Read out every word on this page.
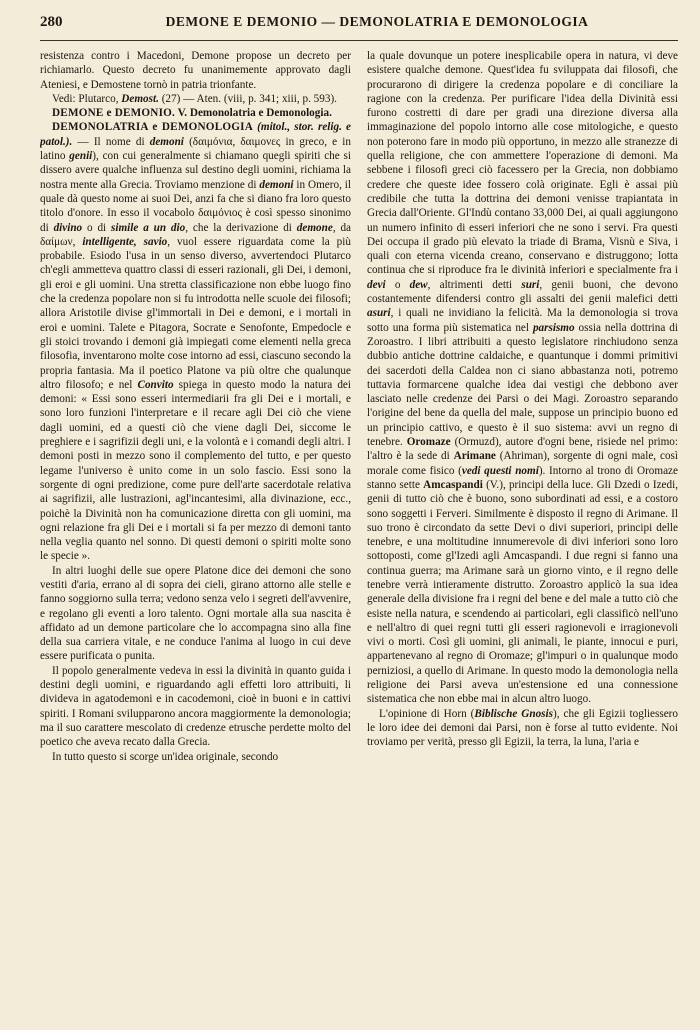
280	DEMONE E DEMONIO — DEMONOLATRIA E DEMONOLOGIA

resistenza contro i Macedoni, Demone propose un decreto per richiamarlo. Questo decreto fu unanimemente approvato dagli Ateniesi, e Demostene tornò in patria trionfante.

Vedi: Plutarco, Demost. (27) — Aten. (viii, p. 341; xiii, p. 593).

DEMONE e DEMONIO. V. Demonolatria e Demonologia.

DEMONOLATRIA e DEMONOLOGIA (mitol., stor. relig. e patol.). — Il nome di demoni (δαιμόνια, δαιμονες in greco, e in latino genii), con cui generalmente si chiamano quegli spiriti che si dissero avere qualche influenza sul destino degli uomini, richiama la nostra mente alla Grecia. Troviamo menzione di demoni in Omero, il quale dà questo nome ai suoi Dei, anzi fa che si diano fra loro questo titolo d'onore. In esso il vocabolo δαιμόνιος è così spesso sinonimo di divino o di simile a un dio, che la derivazione di demone, da δαίμων, intelligente, savio, vuol essere riguardata come la più probabile. Esiodo l'usa in un senso diverso, avvertendoci Plutarco ch'egli ammetteva quattro classi di esseri razionali, gli Dei, i demoni, gli eroi e gli uomini. Una stretta classificazione non ebbe luogo fino che la credenza popolare non si fu introdotta nelle scuole dei filosofi; allora Aristotile divise gl'immortali in Dei e demoni, e i mortali in eroi e uomini. Talete e Pitagora, Socrate e Senofonte, Empedocle e gli stoici trovando i demoni già impiegati come elementi nella greca filosofia, inventarono molte cose intorno ad essi, ciascuno secondo la propria fantasia. Ma il poetico Platone va più oltre che qualunque altro filosofo; e nel Convito spiega in questo modo la natura dei demoni: « Essi sono esseri intermediarii fra gli Dei e i mortali, e sono loro funzioni l'interpretare e il recare agli Dei ciò che viene dagli uomini, ed a questi ciò che viene dagli Dei, siccome le preghiere e i sagrifizii degli uni, e la volontà e i comandi degli altri. I demoni posti in mezzo sono il complemento del tutto, e per questo legame l'universo è unito come in un solo fascio. Essi sono la sorgente di ogni predizione, come pure dell'arte sacerdotale relativa ai sagrifizii, alle lustrazioni, agl'incantesimi, alla divinazione, ecc., poichè la Divinità non ha comunicazione diretta con gli uomini, ma ogni relazione fra gli Dei e i mortali si fa per mezzo di demoni tanto nella veglia quanto nel sonno. Di questi demoni o spiriti molte sono le specie ».

In altri luoghi delle sue opere Platone dice dei demoni che sono vestiti d'aria, errano al di sopra dei cieli, girano attorno alle stelle e fanno soggiorno sulla terra; vedono senza velo i segreti dell'avvenire, e regolano gli eventi a loro talento. Ogni mortale alla sua nascita è affidato ad un demone particolare che lo accompagna sino alla fine della sua carriera vitale, e ne conduce l'anima al luogo in cui deve essere purificata o punita.

Il popolo generalmente vedeva in essi la divinità in quanto guida i destini degli uomini, e riguardando agli effetti loro attribuiti, li divideva in agatodemoni e in cacodemoni, cioè in buoni e in cattivi spiriti. I Romani svilupparono ancora maggiormente la demonologia; ma il suo carattere mescolato di credenze etrusche perdette molto del poetico che aveva recato dalla Grecia.

In tutto questo si scorge un'idea originale, secondo

la quale dovunque un potere inesplicabile opera in natura, vi deve esistere qualche demone. Quest'idea fu sviluppata dai filosofi, che procurarono di dirigere la credenza popolare e di conciliare la ragione con la credenza. Per purificare l'idea della Divinità essi furono costretti di dare per gradi una direzione diversa alla immaginazione del popolo intorno alle cose mitologiche, e questo non poterono fare in modo più opportuno, in mezzo alle stranezze di quella religione, che con ammettere l'operazione di demoni. Ma sebbene i filosofi greci ciò facessero per la Grecia, non dobbiamo credere che queste idee fossero colà originate. Egli è assai più credibile che tutta la dottrina dei demoni venisse trapiantata in Grecia dall'Oriente. Gl'Indù contano 33,000 Dei, ai quali aggiungono un numero infinito di esseri inferiori che ne sono i servi. Fra questi Dei occupa il grado più elevato la triade di Brama, Visnù e Siva, i quali con eterna vicenda creano, conservano e distruggono; lotta continua che si riproduce fra le divinità inferiori e specialmente fra i devi o dew, altrimenti detti suri, genii buoni, che devono costantemente difendersi contro gli assalti dei genii malefici detti asuri, i quali ne invidiano la felicità. Ma la demonologia si trova sotto una forma più sistematica nel parsismo ossia nella dottrina di Zoroastro. I libri attribuiti a questo legislatore rinchiudono senza dubbio antiche dottrine caldaiche, e quantunque i dommi primitivi dei sacerdoti della Caldea non ci siano abbastanza noti, potremo tuttavia formarcene qualche idea dai vestigi che debbono aver lasciato nelle credenze dei Parsi o dei Magi. Zoroastro separando l'origine del bene da quella del male, suppose un principio buono ed un principio cattivo, e questo è il suo sistema: avvi un regno di tenebre. Oromaze (Ormuzd), autore d'ogni bene, risiede nel primo: l'altro è la sede di Arimane (Ahriman), sorgente di ogni male, così morale come fisico (vedi questi nomi). Intorno al trono di Oromaze stanno sette Amcaspandi (V.), principi della luce. Gli Dzedi o Izedi, genii di tutto ciò che è buono, sono subordinati ad essi, e a costoro sono soggetti i Ferveri. Similmente è disposto il regno di Arimane. Il suo trono è circondato da sette Devi o divi superiori, principi delle tenebre, e una moltitudine innumerevole di divi inferiori sono loro sottoposti, come gl'Izedi agli Amcaspandi. I due regni si fanno una continua guerra; ma Arimane sarà un giorno vinto, e il regno delle tenebre verrà intieramente distrutto. Zoroastro applicò la sua idea generale della divisione fra i regni del bene e del male a tutto ciò che esiste nella natura, e scendendo ai particolari, egli classificò nell'uno e nell'altro di quei regni tutti gli esseri ragionevoli e irragionevoli vivi o morti. Così gli uomini, gli animali, le piante, innocui e puri, appartenevano al regno di Oromaze; gl'impuri o in qualunque modo perniziosi, a quello di Arimane. In questo modo la demonologia nella religione dei Parsi aveva un'estensione ed una connessione sistematica che non ebbe mai in alcun altro luogo.

L'opinione di Horn (Biblische Gnosis), che gli Egizii togliessero le loro idee dei demoni dai Parsi, non è forse al tutto evidente. Noi troviamo per verità, presso gli Egizii, la terra, la luna, l'aria e
